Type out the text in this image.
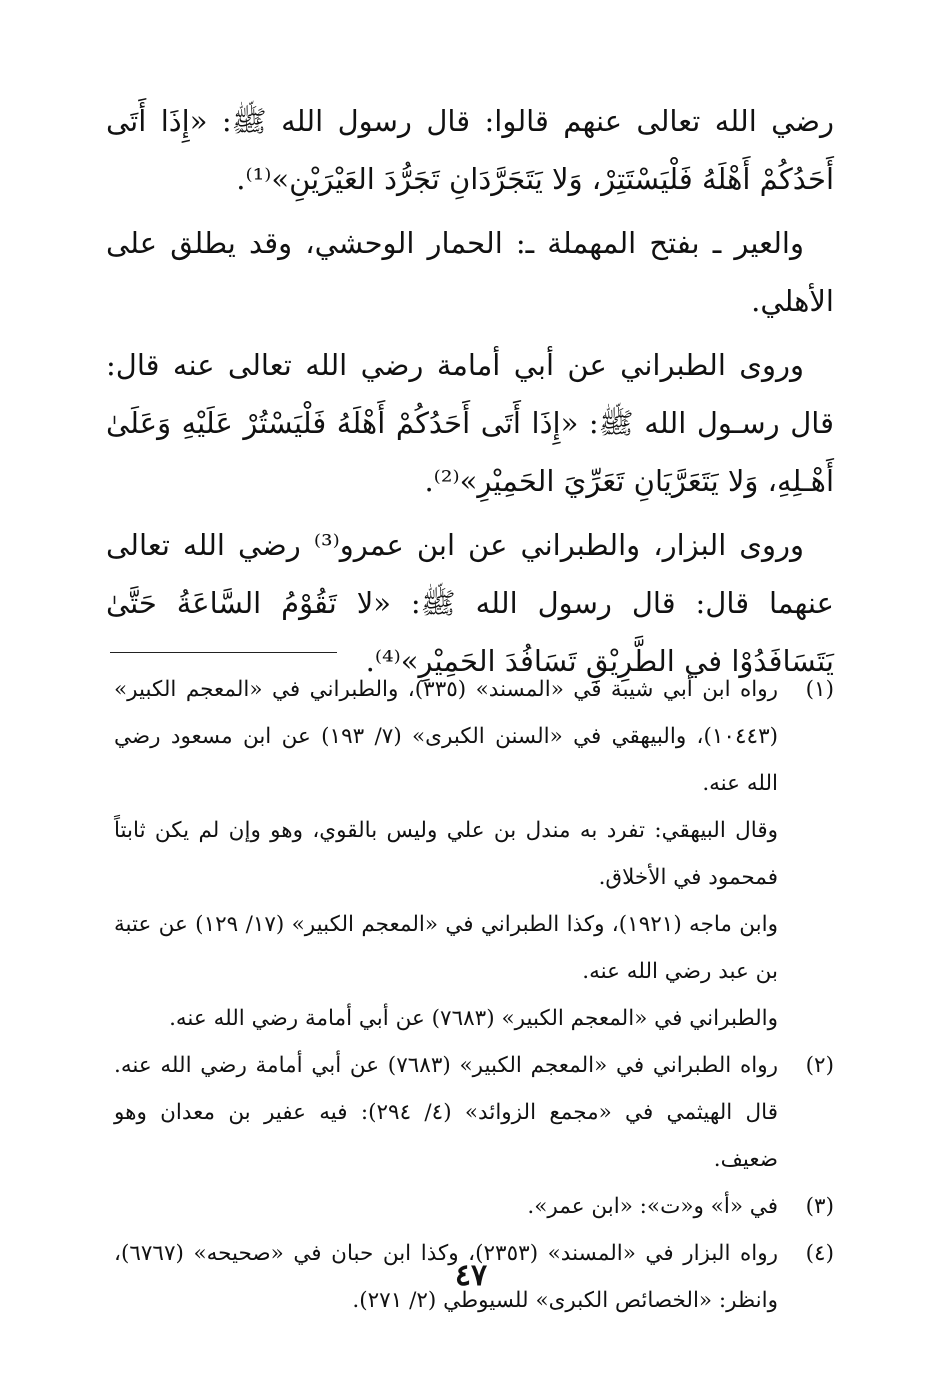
رضي الله تعالى عنهم قالوا: قال رسول الله ﷺ: «إِذَا أَتَى أَحَدُكُمْ أَهْلَهُ فَلْيَسْتَتِرْ، وَلا يَتَجَرَّدَانِ تَجَرُّدَ العَيْرَيْنِ»⁽¹⁾.

والعير ـ بفتح المهملة ـ: الحمار الوحشي، وقد يطلق على الأهلي.

وروى الطبراني عن أبي أمامة رضي الله تعالى عنه قال: قال رسـول الله ﷺ: «إِذَا أَتَى أَحَدُكُمْ أَهْلَهُ فَلْيَسْتُرْ عَلَيْهِ وَعَلَىٰ أَهْـلِهِ، وَلا يَتَعَرَّيَانِ تَعَرِّيَ الحَمِيْرِ»⁽²⁾.

وروى البزار، والطبراني عن ابن عمرو⁽³⁾ رضي الله تعالى عنهما قال: قال رسول الله ﷺ: «لا تَقُوْمُ السَّاعَةُ حَتَّىٰ يَتَسَافَدُوْا في الطَّرِيْقِ تَسَافُدَ الحَمِيْرِ»⁽⁴⁾.

(١)

رواه ابن أبي شيبة في «المسند» (٣٣٥)، والطبراني في «المعجم الكبير» (١٠٤٤٣)، والبيهقي في «السنن الكبرى» (٧/ ١٩٣) عن ابن مسعود رضي الله عنه.

وقال البيهقي: تفرد به مندل بن علي وليس بالقوي، وهو وإن لم يكن ثابتاً فمحمود في الأخلاق.

وابن ماجه (١٩٢١)، وكذا الطبراني في «المعجم الكبير» (١٧/ ١٢٩) عن عتبة بن عبد رضي الله عنه.

والطبراني في «المعجم الكبير» (٧٦٨٣) عن أبي أمامة رضي الله عنه.

(٢)

رواه الطبراني في «المعجم الكبير» (٧٦٨٣) عن أبي أمامة رضي الله عنه. قال الهيثمي في «مجمع الزوائد» (٤/ ٢٩٤): فيه عفير بن معدان وهو ضعيف.

(٣)

في «أ» و«ت»: «ابن عمر».

(٤)

رواه البزار في «المسند» (٢٣٥٣)، وكذا ابن حبان في «صحيحه» (٦٧٦٧)، وانظر: «الخصائص الكبرى» للسيوطي (٢/ ٢٧١).

٤٧
